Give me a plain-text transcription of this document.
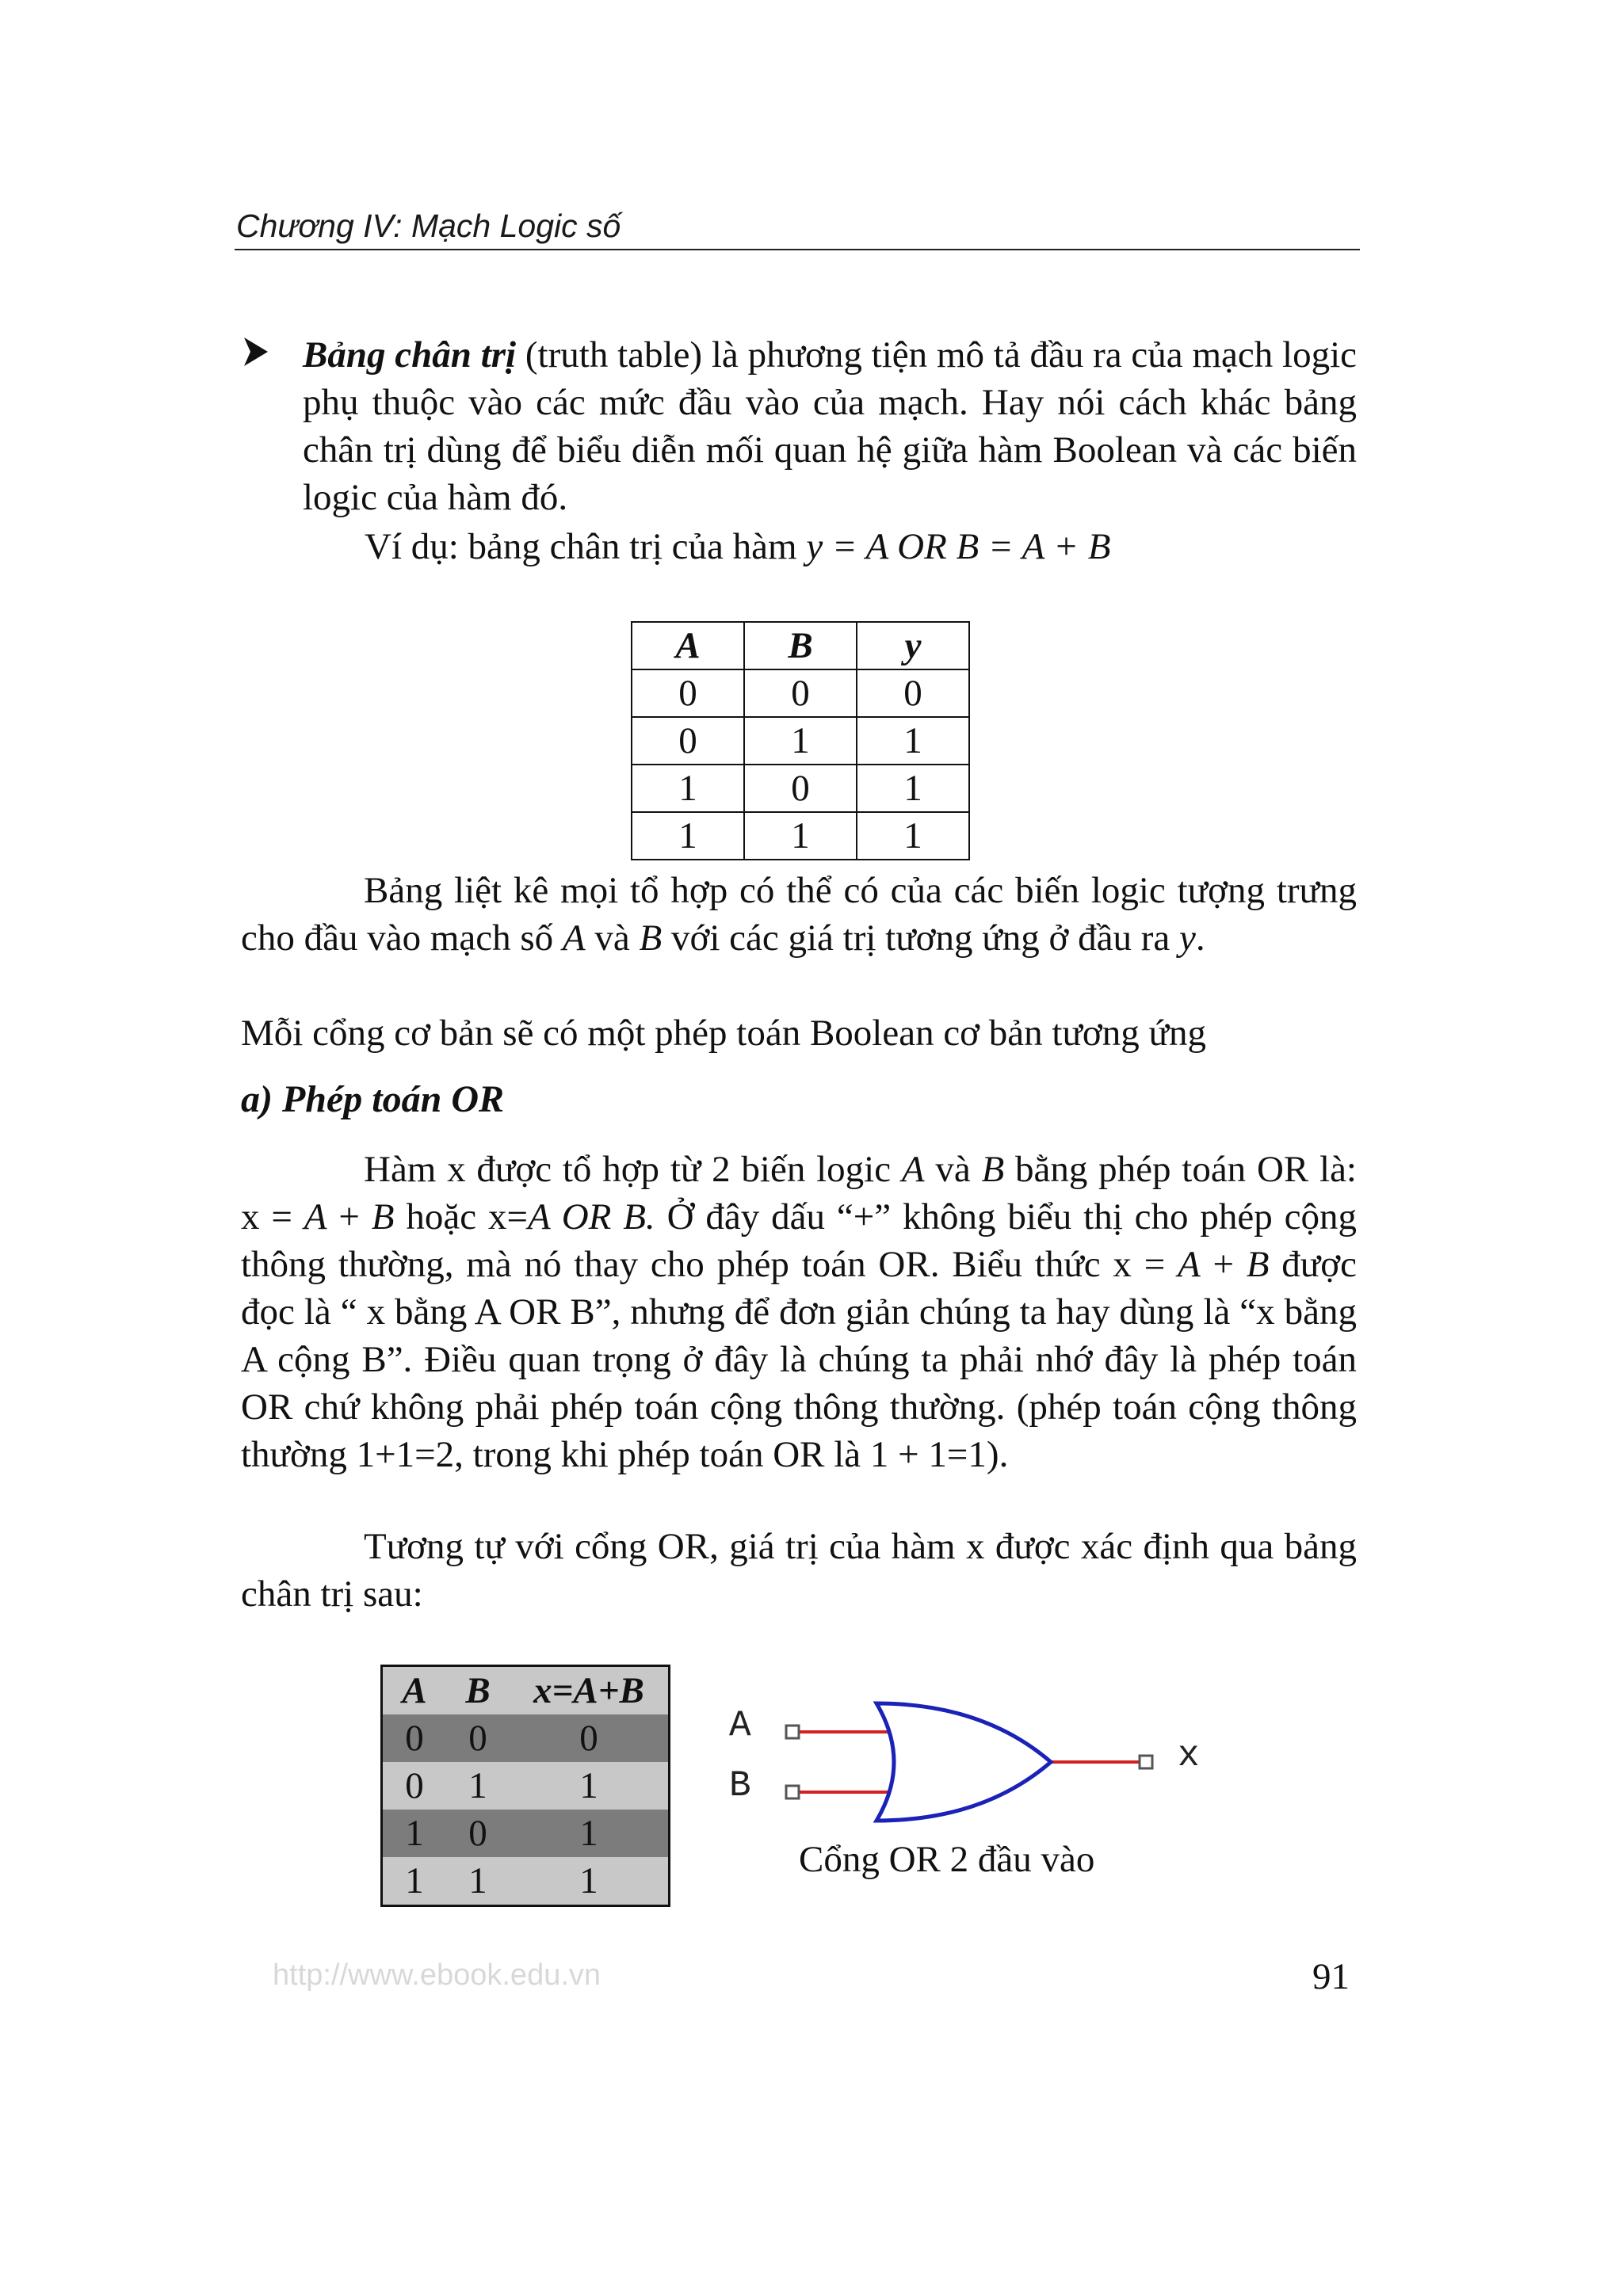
Chương IV: Mạch Logic số
Bảng chân trị (truth table) là phương tiện mô tả đầu ra của mạch logic phụ thuộc vào các mức đầu vào của mạch. Hay nói cách khác bảng chân trị dùng để biểu diễn mối quan hệ giữa hàm Boolean và các biến logic của hàm đó.
Ví dụ: bảng chân trị của hàm y = A OR B = A + B
A	B	y
0	0	0
0	1	1
1	0	1
1	1	1
Bảng liệt kê mọi tổ hợp có thể có của các biến logic tượng trưng cho đầu vào mạch số A và B với các giá trị tương ứng ở đầu ra y.
Mỗi cổng cơ bản sẽ có một phép toán Boolean cơ bản tương ứng
a) Phép toán OR
Hàm x được tổ hợp từ 2 biến logic A và B bằng phép toán OR là: x = A + B hoặc x=A OR B. Ở đây dấu “+” không biểu thị cho phép cộng thông thường, mà nó thay cho phép toán OR. Biểu thức x = A + B được đọc là “ x bằng A OR B”, nhưng để đơn giản chúng ta hay dùng là “x bằng A cộng B”. Điều quan trọng ở đây là chúng ta phải nhớ đây là phép toán OR chứ không phải phép toán cộng thông thường. (phép toán cộng thông thường 1+1=2, trong khi phép toán OR là 1 + 1=1).
Tương tự với cổng OR, giá trị của hàm x được xác định qua bảng chân trị sau:
A	B	x=A+B
0	0	0
0	1	1
1	0	1
1	1	1
A
B
x
Cổng OR 2 đầu vào
http://www.ebook.edu.vn	91
